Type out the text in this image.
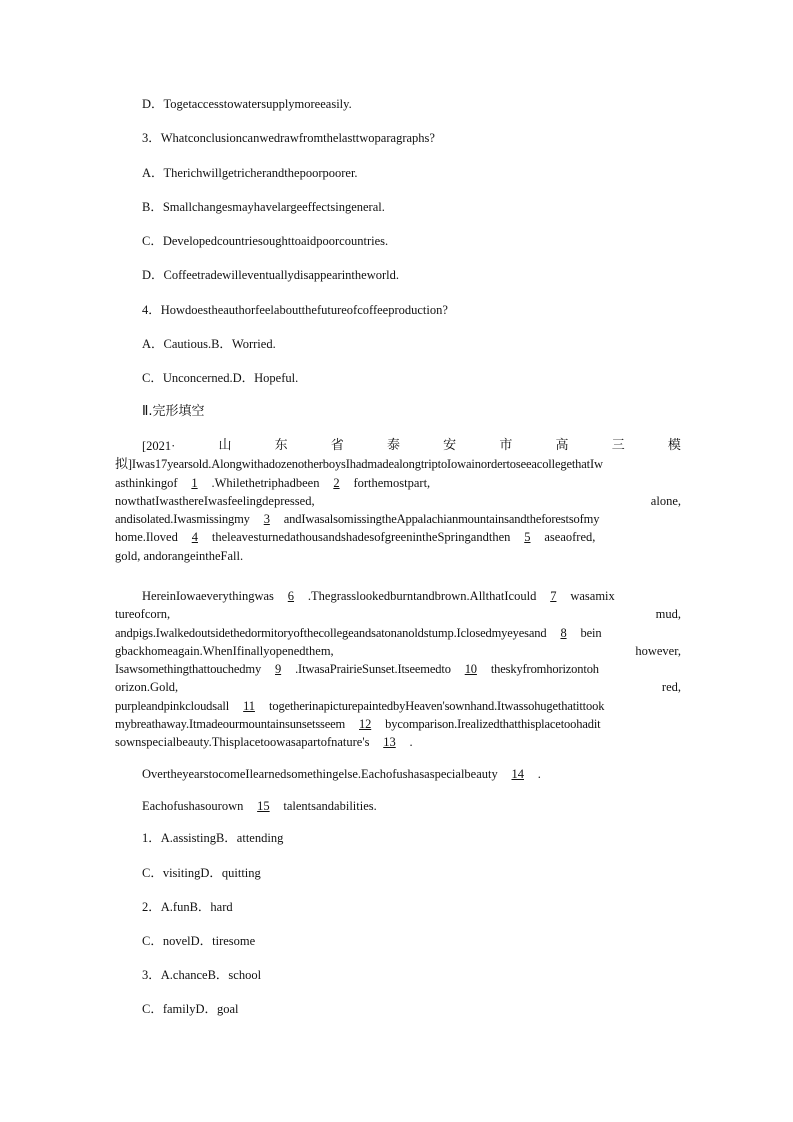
D．Togetaccesstowatersupplymoreeasily.
3．Whatconclusioncanwedrawfromthelasttwoparagraphs?
A．Therichwillgetricherandthepoorpoorer.
B．Smallchangesmayhavelargeeffectsingeneral.
C．Developedcountriesoughttoaidpoorcountries.
D．Coffeetradewilleventuallydisappearintheworld.
4．Howdoestheauthorfeelaboutthefutureofcoffeeproduction?
A．Cautious.B．Worried.
C．Unconcerned.D．Hopeful.
Ⅱ.完形填空
[2021·	山	东	省	泰	安	市	高	三	模
拟]Iwas17yearsold.AlongwithadozenotherboysIhadmadealongtriptoIowainordertoseeacollegethatIw
asthinkingof 1 .Whilethetriphadbeen 2 forthemostpart,
nowthatIwasthereIwasfeelingdepressed,	alone,
andisolated.Iwasmissingmy 3 andIwasalsomissingtheAppalachianmountainsandtheforestsofmy
home.Iloved 4 theleavesturnedathousandshadesofgreenintheSpringandthen 5 aseaofred,
gold, andorangeintheFall.
HereinIowaeverythingwas 6 .Thegrasslookedburntandbrown.AllthatIcould 7 wasamix
tureofcorn,	mud,
andpigs.Iwalkedoutsidethedormitoryofthecollegeandsatonanoldstump.Iclosedmyeyesand 8 bein
gbackhomeagain.WhenIfinallyopenedthem,	however,
Isawsomethingthattouchedmy 9 .ItwasaPrairieSunset.Itseemedto 10 theskyfromhorizontoh
orizon.Gold,	red,
purpleandpinkcloudsall 11 togetherinapicturepaintedbyHeaven'sownhand.Itwassohugethatittook
mybreathaway.Itmadeourmountainsunsetsseem 12 bycomparison.Irealizedthatthisplacetoohadit
sownspecialbeauty.Thisplacetoowasapartofnature's 13 .
OvertheyearstocomeIlearnedsomethingelse.Eachofushasaspecialbeauty 14 .
Eachofushasourown 15 talentsandabilities.
1．A.assistingB．attending
C．visitingD．quitting
2．A.funB．hard
C．novelD．tiresome
3．A.chanceB．school
C．familyD．goal
